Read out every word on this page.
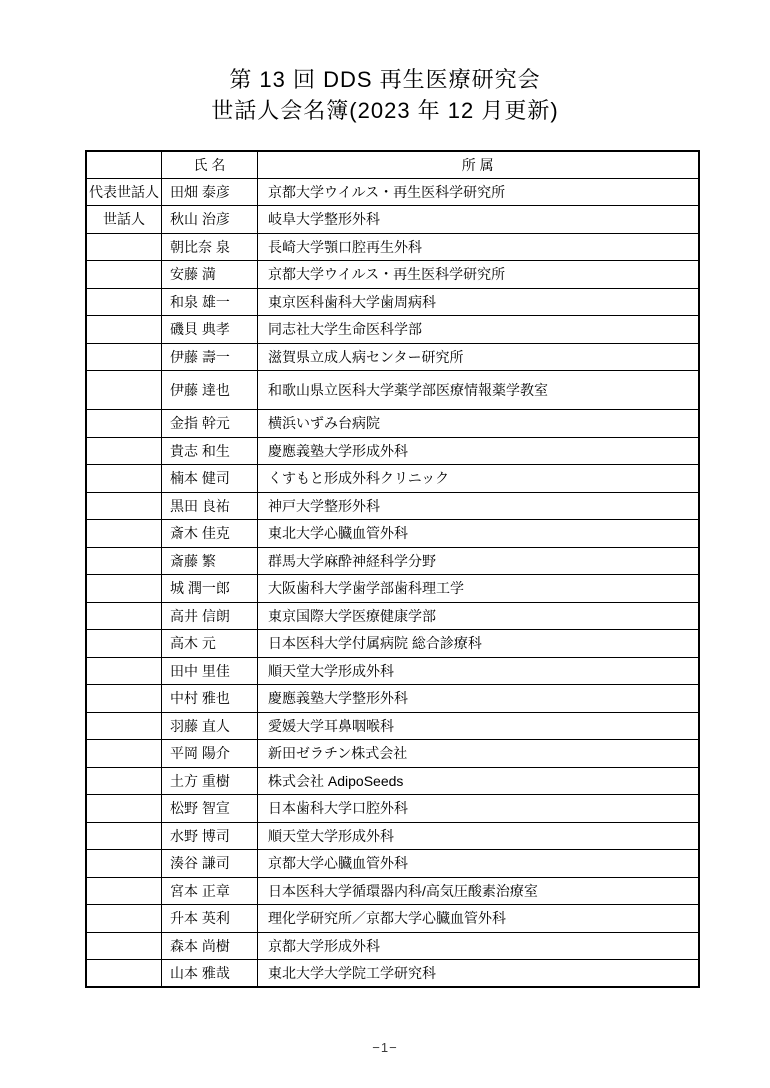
第 13 回 DDS 再生医療研究会
世話人会名簿(2023 年 12 月更新)
	氏 名	所 属
代表世話人	田畑 泰彦	京都大学ウイルス・再生医科学研究所
世話人	秋山 治彦	岐阜大学整形外科
	朝比奈 泉	長崎大学顎口腔再生外科
	安藤 満	京都大学ウイルス・再生医科学研究所
	和泉 雄一	東京医科歯科大学歯周病科
	磯貝 典孝	同志社大学生命医科学部
	伊藤 壽一	滋賀県立成人病センター研究所
	伊藤 達也	和歌山県立医科大学薬学部医療情報薬学教室
	金指 幹元	横浜いずみ台病院
	貴志 和生	慶應義塾大学形成外科
	楠本 健司	くすもと形成外科クリニック
	黒田 良祐	神戸大学整形外科
	斎木 佳克	東北大学心臓血管外科
	斎藤 繁	群馬大学麻酔神経科学分野
	城 潤一郎	大阪歯科大学歯学部歯科理工学
	高井 信朗	東京国際大学医療健康学部
	高木 元	日本医科大学付属病院 総合診療科
	田中 里佳	順天堂大学形成外科
	中村 雅也	慶應義塾大学整形外科
	羽藤 直人	愛媛大学耳鼻咽喉科
	平岡 陽介	新田ゼラチン株式会社
	土方 重樹	株式会社 AdipoSeeds
	松野 智宣	日本歯科大学口腔外科
	水野 博司	順天堂大学形成外科
	湊谷 謙司	京都大学心臓血管外科
	宮本 正章	日本医科大学循環器内科/高気圧酸素治療室
	升本 英利	理化学研究所／京都大学心臓血管外科
	森本 尚樹	京都大学形成外科
	山本 雅哉	東北大学大学院工学研究科
−1−
